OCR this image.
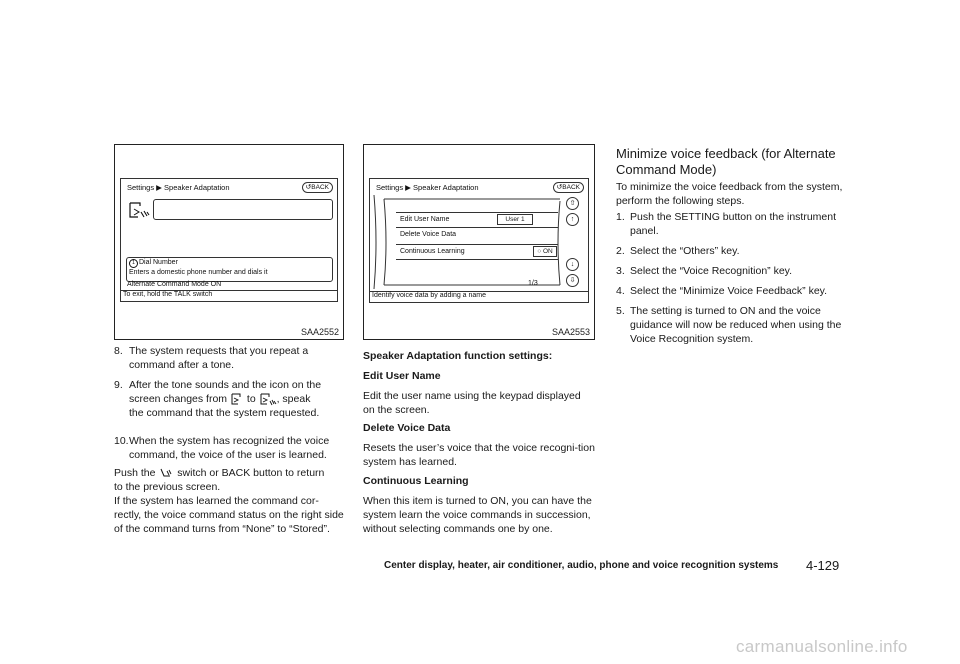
Settings ▶ Speaker Adaptation	↺BACK
1 Dial Number
Enters a domestic phone number and dials it
Alternate Command Mode ON
To exit, hold the TALK switch
SAA2552
Settings ▶ Speaker Adaptation	↺BACK
Edit User Name	User 1
Delete Voice Data
Continuous Learning	○ ON
1/3
⇧
↑
↓
⇩
Identify voice data by adding a name
SAA2553
8. The system requests that you repeat a command after a tone.
9. After the tone sounds and the icon on the
screen changes from to , speak
the command that the system requested.
10. When the system has recognized the voice command, the voice of the user is learned.
Push the switch or BACK button to return
to the previous screen.

If the system has learned the command cor-rectly, the voice command status on the right side of the command turns from “None” to “Stored”.

Speaker Adaptation function settings:
Edit User Name

Edit the user name using the keypad displayed on the screen.

Delete Voice Data

Resets the user’s voice that the voice recogni-tion system has learned.

Continuous Learning

When this item is turned to ON, you can have the system learn the voice commands in succession, without selecting commands one by one.

Minimize voice feedback (for Alternate
Command Mode)

To minimize the voice feedback from the system, perform the following steps.

1. Push the SETTING button on the instrument panel.
2. Select the “Others” key.
3. Select the “Voice Recognition” key.
4. Select the “Minimize Voice Feedback” key.
5. The setting is turned to ON and the voice guidance will now be reduced when using the Voice Recognition system.
Center display, heater, air conditioner, audio, phone and voice recognition systems 4-129
carmanualsonline.info
